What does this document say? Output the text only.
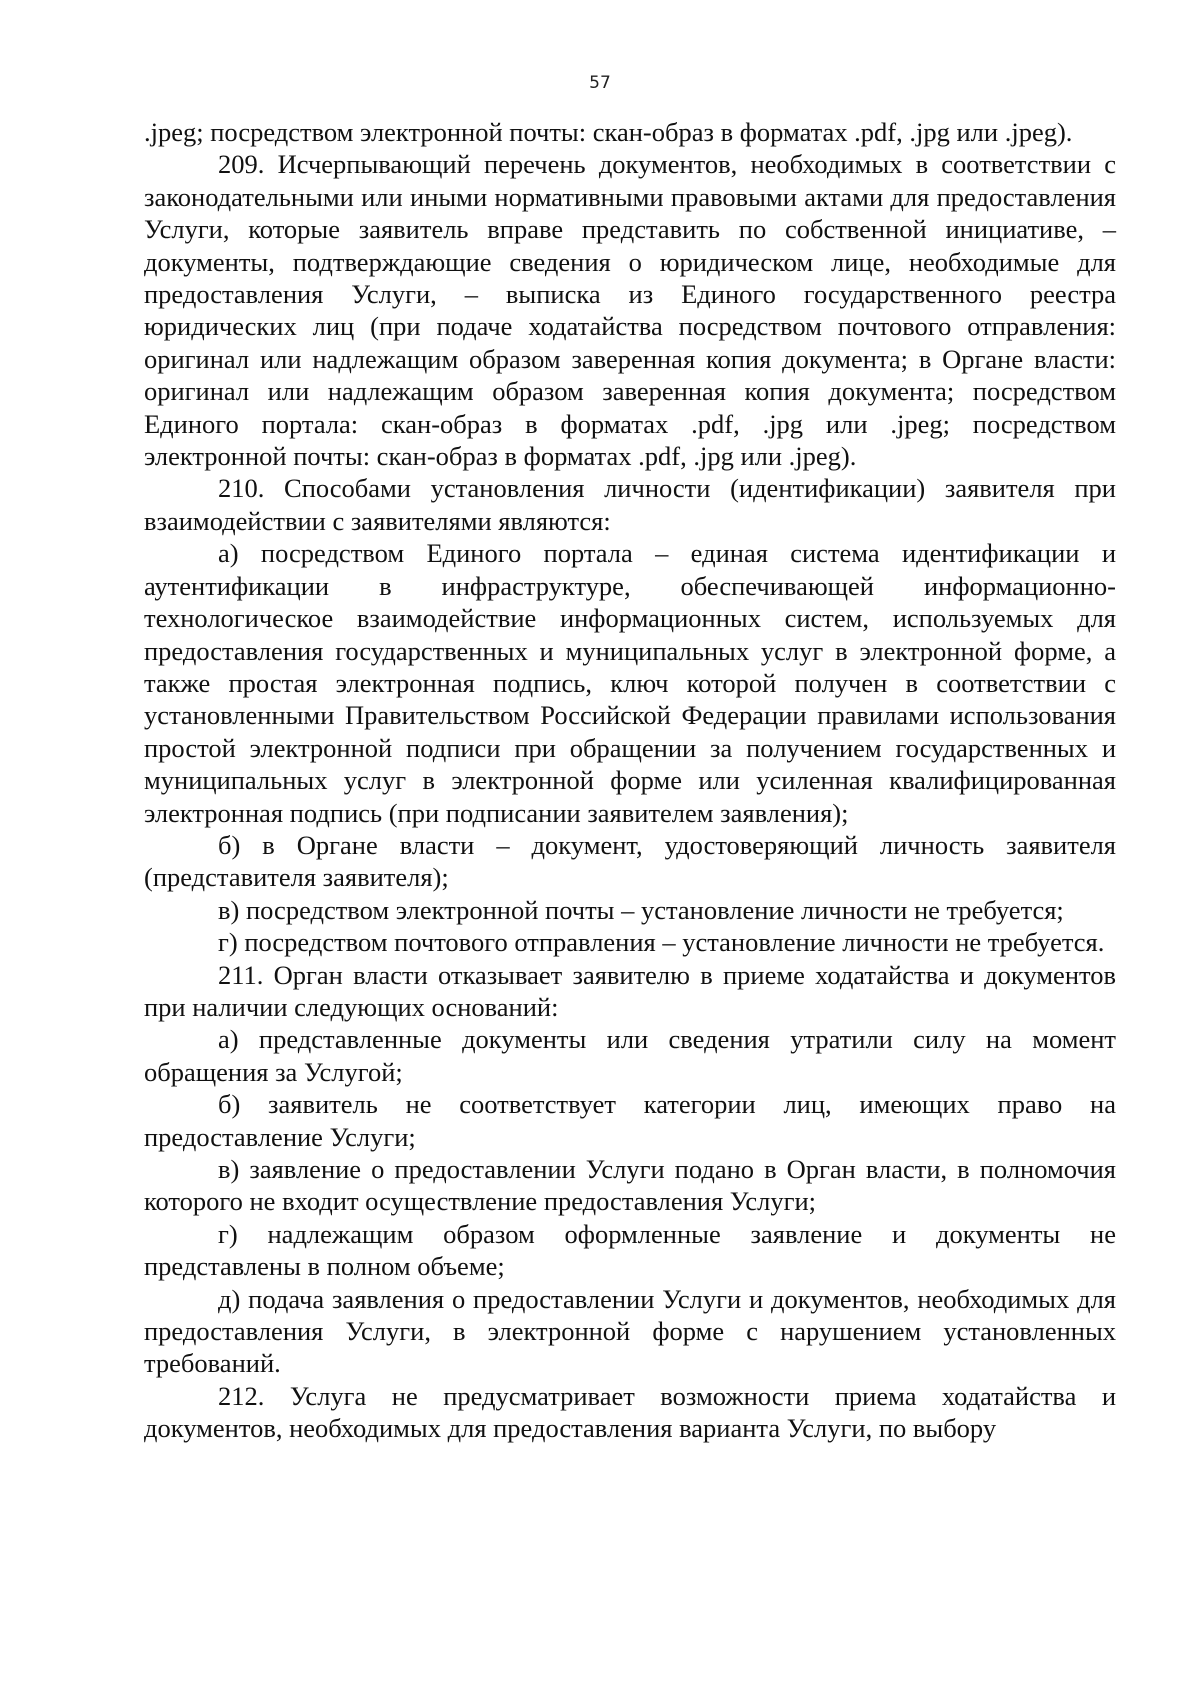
57

.jpeg; посредством электронной почты: скан-образ в форматах .pdf, .jpg или .jpeg).

209. Исчерпывающий перечень документов, необходимых в соответствии с законодательными или иными нормативными правовыми актами для предоставления Услуги, которые заявитель вправе представить по собственной инициативе, – документы, подтверждающие сведения о юридическом лице, необходимые для предоставления Услуги, – выписка из Единого государственного реестра юридических лиц (при подаче ходатайства посредством почтового отправления: оригинал или надлежащим образом заверенная копия документа; в Органе власти: оригинал или надлежащим образом заверенная копия документа; посредством Единого портала: скан-образ в форматах .pdf, .jpg или .jpeg; посредством электронной почты: скан-образ в форматах .pdf, .jpg или .jpeg).

210. Способами установления личности (идентификации) заявителя при взаимодействии с заявителями являются:

а) посредством Единого портала – единая система идентификации и аутентификации в инфраструктуре, обеспечивающей информационно-технологическое взаимодействие информационных систем, используемых для предоставления государственных и муниципальных услуг в электронной форме, а также простая электронная подпись, ключ которой получен в соответствии с установленными Правительством Российской Федерации правилами использования простой электронной подписи при обращении за получением государственных и муниципальных услуг в электронной форме или усиленная квалифицированная электронная подпись (при подписании заявителем заявления);

б) в Органе власти – документ, удостоверяющий личность заявителя (представителя заявителя);

в) посредством электронной почты – установление личности не требуется;

г) посредством почтового отправления – установление личности не требуется.

211. Орган власти отказывает заявителю в приеме ходатайства и документов при наличии следующих оснований:

а) представленные документы или сведения утратили силу на момент обращения за Услугой;

б) заявитель не соответствует категории лиц, имеющих право на предоставление Услуги;

в) заявление о предоставлении Услуги подано в Орган власти, в полномочия которого не входит осуществление предоставления Услуги;

г) надлежащим образом оформленные заявление и документы не представлены в полном объеме;

д) подача заявления о предоставлении Услуги и документов, необходимых для предоставления Услуги, в электронной форме с нарушением установленных требований.

212. Услуга не предусматривает возможности приема ходатайства и документов, необходимых для предоставления варианта Услуги, по выбору
